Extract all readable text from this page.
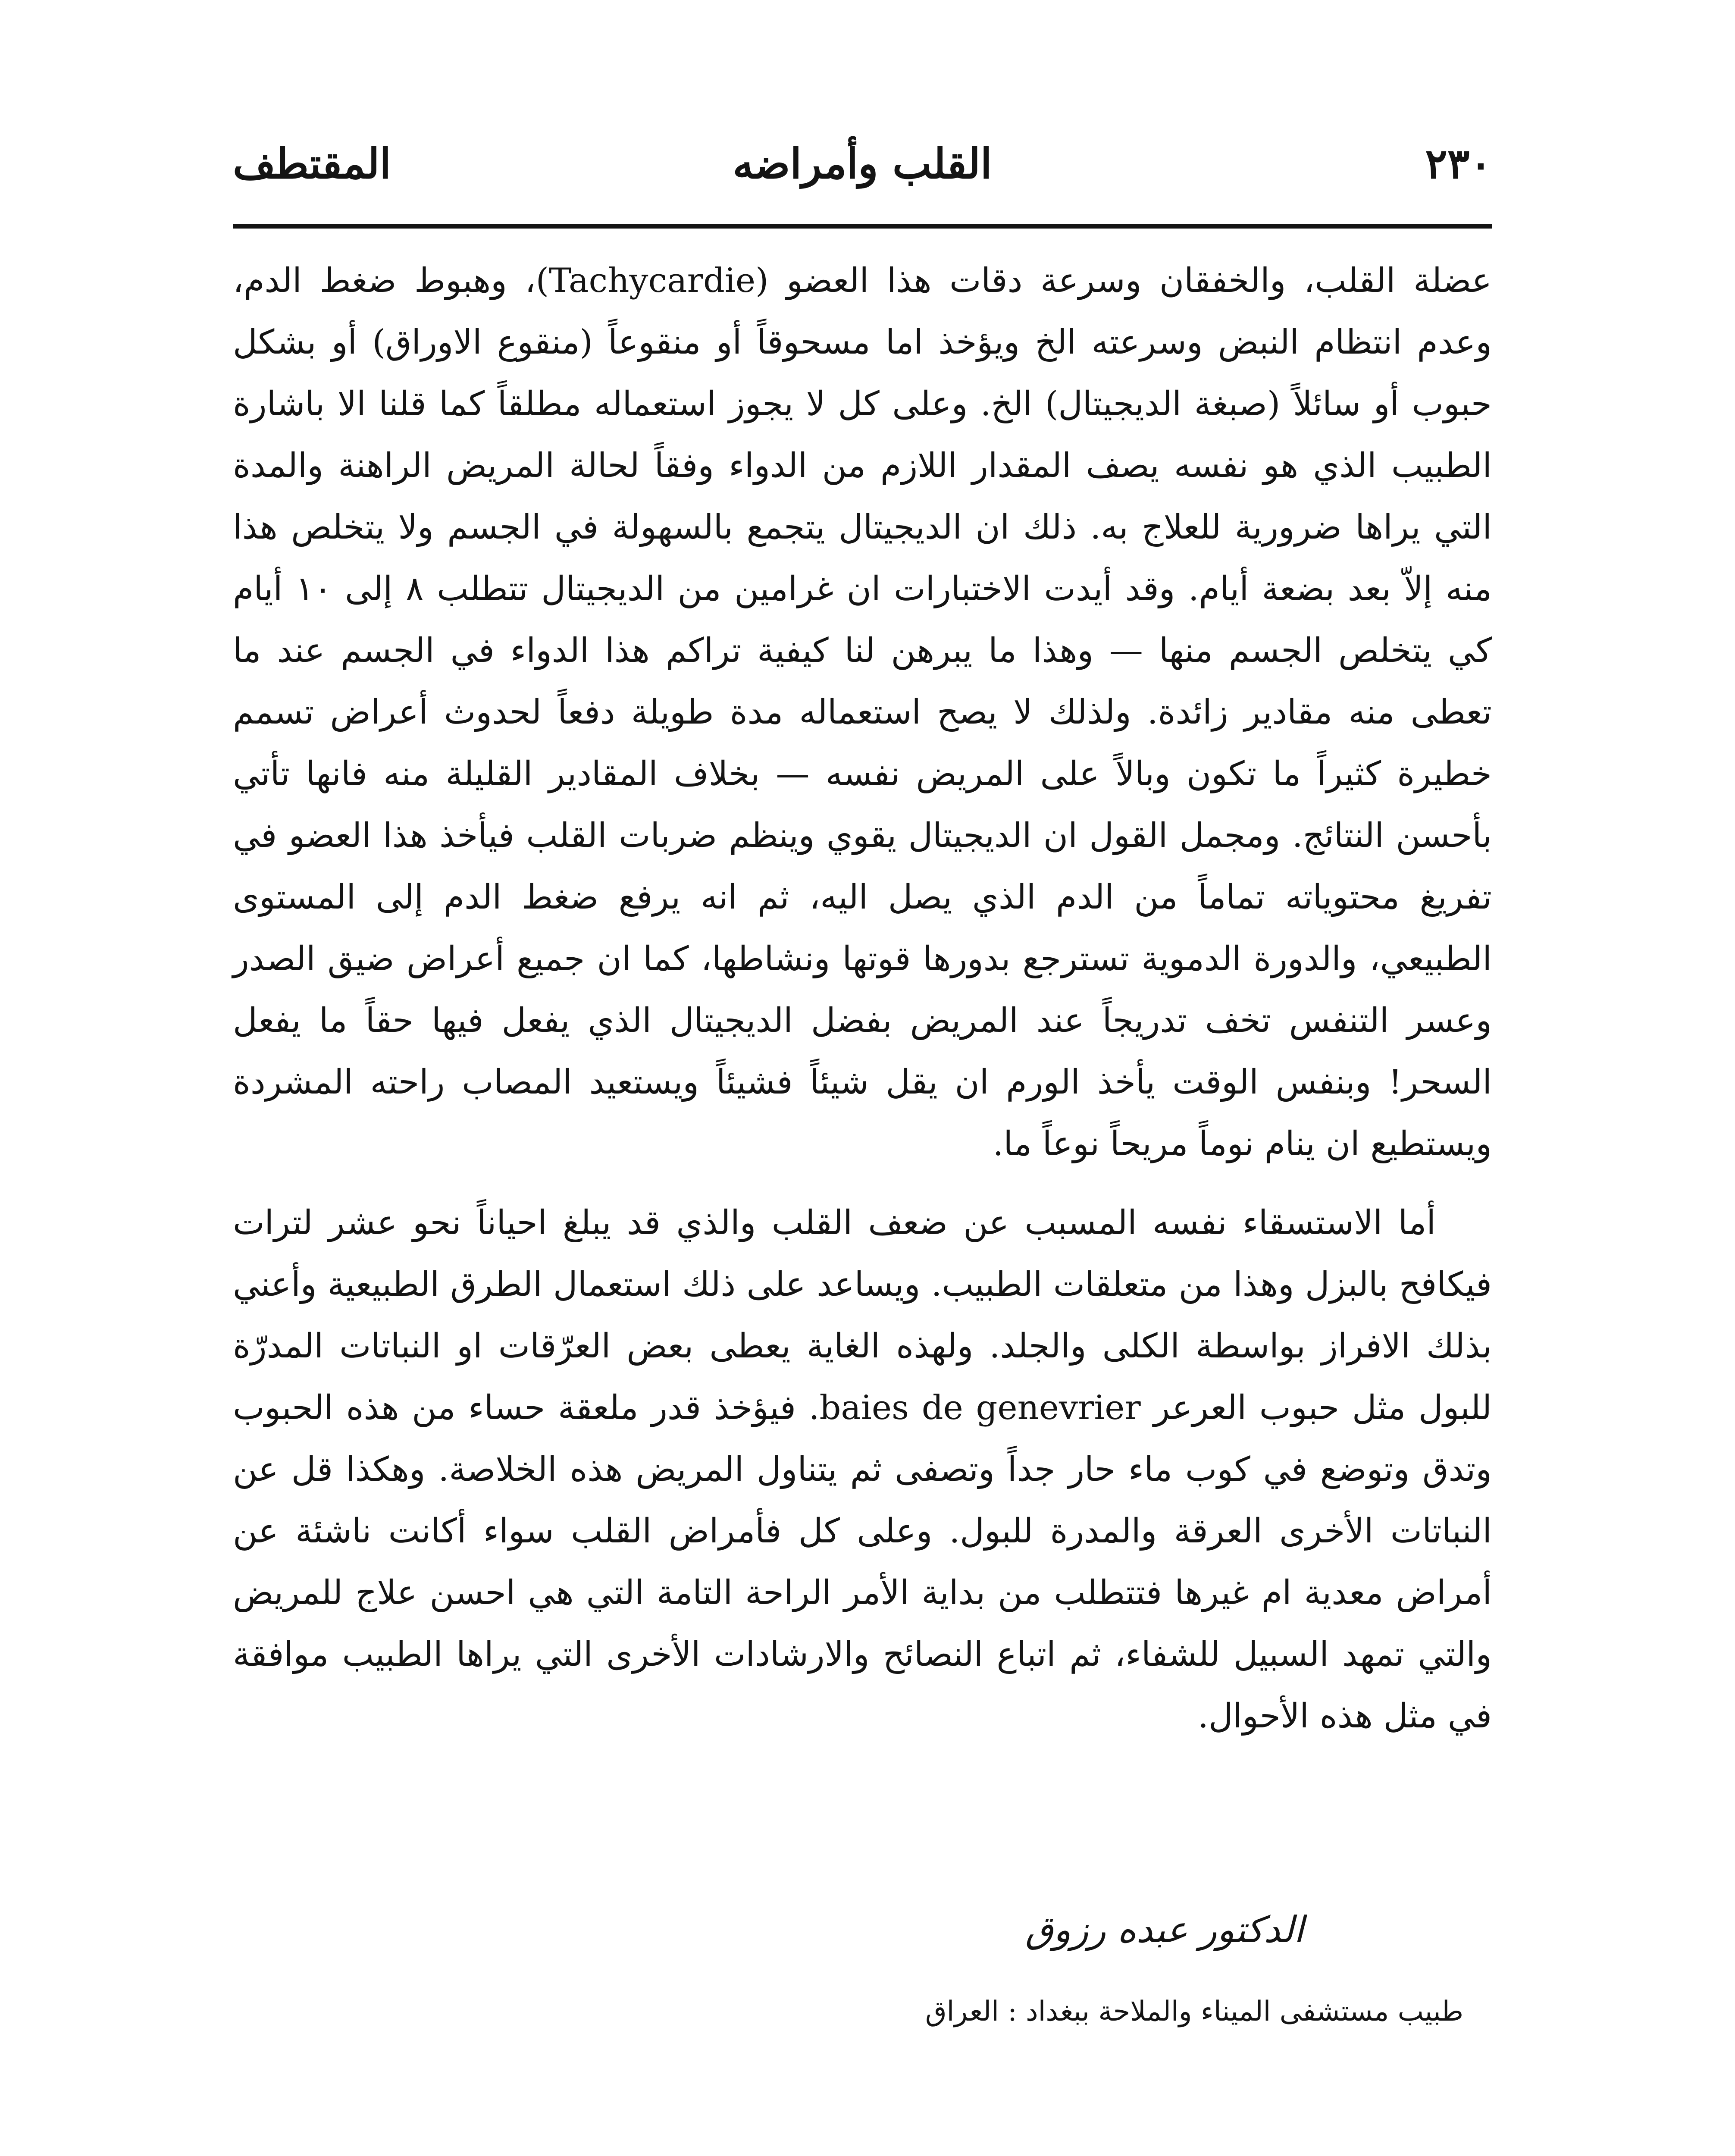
٢٣٠
القلب وأمراضه
المقتطف

عضلة القلب، والخفقان وسرعة دقات هذا العضو (Tachycardie)، وهبوط ضغط الدم، وعدم انتظام النبض وسرعته الخ ويؤخذ اما مسحوقاً أو منقوعاً (منقوع الاوراق) أو بشكل حبوب أو سائلاً (صبغة الديجيتال) الخ. وعلى كل لا يجوز استعماله مطلقاً كما قلنا الا باشارة الطبيب الذي هو نفسه يصف المقدار اللازم من الدواء وفقاً لحالة المريض الراهنة والمدة التي يراها ضرورية للعلاج به. ذلك ان الديجيتال يتجمع بالسهولة في الجسم ولا يتخلص هذا منه إلاّ بعد بضعة أيام. وقد أيدت الاختبارات ان غرامين من الديجيتال تتطلب ٨ إلى ١٠ أيام كي يتخلص الجسم منها — وهذا ما يبرهن لنا كيفية تراكم هذا الدواء في الجسم عند ما تعطى منه مقادير زائدة. ولذلك لا يصح استعماله مدة طويلة دفعاً لحدوث أعراض تسمم خطيرة كثيراً ما تكون وبالاً على المريض نفسه — بخلاف المقادير القليلة منه فانها تأتي بأحسن النتائج. ومجمل القول ان الديجيتال يقوي وينظم ضربات القلب فيأخذ هذا العضو في تفريغ محتوياته تماماً من الدم الذي يصل اليه، ثم انه يرفع ضغط الدم إلى المستوى الطبيعي، والدورة الدموية تسترجع بدورها قوتها ونشاطها، كما ان جميع أعراض ضيق الصدر وعسر التنفس تخف تدريجاً عند المريض بفضل الديجيتال الذي يفعل فيها حقاً ما يفعل السحر! وبنفس الوقت يأخذ الورم ان يقل شيئاً فشيئاً ويستعيد المصاب راحته المشردة ويستطيع ان ينام نوماً مريحاً نوعاً ما.

أما الاستسقاء نفسه المسبب عن ضعف القلب والذي قد يبلغ احياناً نحو عشر لترات فيكافح بالبزل وهذا من متعلقات الطبيب. ويساعد على ذلك استعمال الطرق الطبيعية وأعني بذلك الافراز بواسطة الكلى والجلد. ولهذه الغاية يعطى بعض العرّقات او النباتات المدرّة للبول مثل حبوب العرعر baies de genevrier. فيؤخذ قدر ملعقة حساء من هذه الحبوب وتدق وتوضع في كوب ماء حار جداً وتصفى ثم يتناول المريض هذه الخلاصة. وهكذا قل عن النباتات الأخرى العرقة والمدرة للبول. وعلى كل فأمراض القلب سواء أكانت ناشئة عن أمراض معدية ام غيرها فتتطلب من بداية الأمر الراحة التامة التي هي احسن علاج للمريض والتي تمهد السبيل للشفاء، ثم اتباع النصائح والارشادات الأخرى التي يراها الطبيب موافقة في مثل هذه الأحوال.

الدكتور عبده رزوق
طبيب مستشفى الميناء والملاحة ببغداد : العراق
